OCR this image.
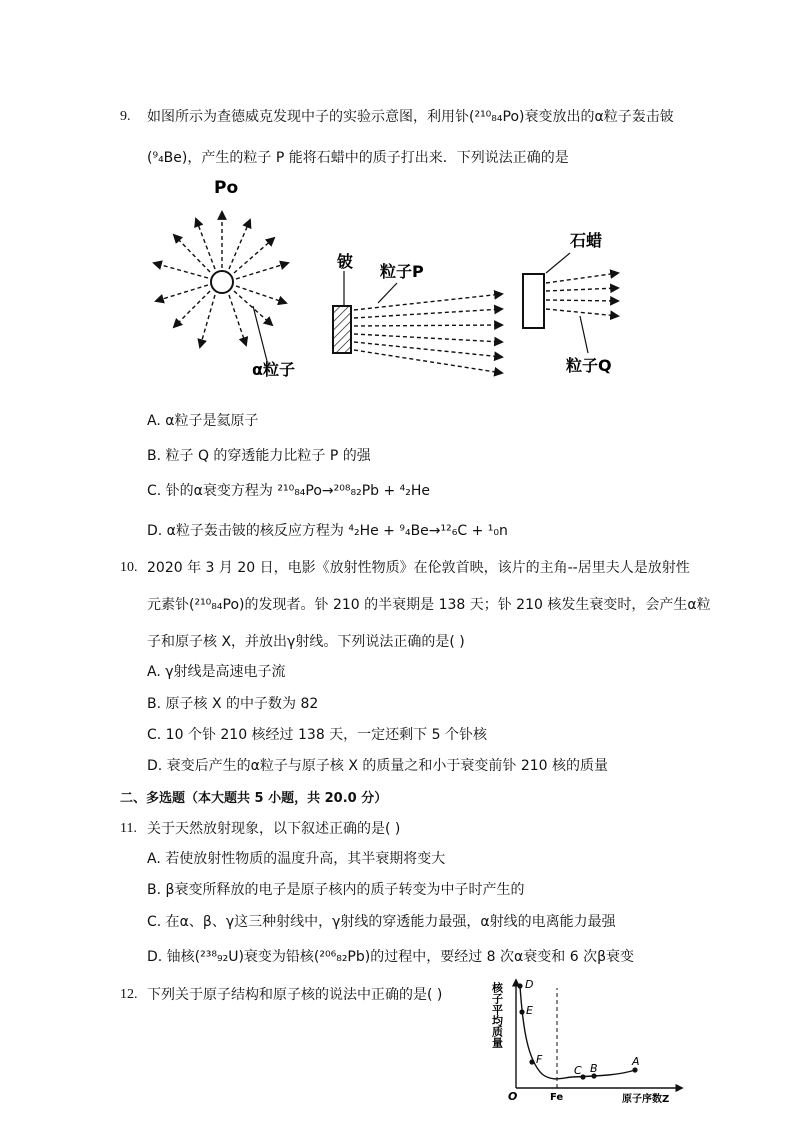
9. 如图所示为查德威克发现中子的实验示意图，利用钋(²¹⁰₈₄Po)衰变放出的α粒子轰击铍
(⁹₄Be)，产生的粒子 P 能将石蜡中的质子打出来．下列说法正确的是
Po
α粒子
铍
粒子P
石蜡
粒子Q
A. α粒子是氦原子
B. 粒子 Q 的穿透能力比粒子 P 的强
C. 钋的α衰变方程为 ²¹⁰₈₄Po→²⁰⁸₈₂Pb + ⁴₂He
D. α粒子轰击铍的核反应方程为 ⁴₂He + ⁹₄Be→¹²₆C + ¹₀n
10. 2020 年 3 月 20 日，电影《放射性物质》在伦敦首映，该片的主角--居里夫人是放射性
元素钋(²¹⁰₈₄Po)的发现者。钋 210 的半衰期是 138 天；钋 210 核发生衰变时，会产生α粒
子和原子核 X，并放出γ射线。下列说法正确的是( )
A. γ射线是高速电子流
B. 原子核 X 的中子数为 82
C. 10 个钋 210 核经过 138 天，一定还剩下 5 个钋核
D. 衰变后产生的α粒子与原子核 X 的质量之和小于衰变前钋 210 核的质量
二、多选题（本大题共 5 小题，共 20.0 分）
11. 关于天然放射现象，以下叙述正确的是( )
A. 若使放射性物质的温度升高，其半衰期将变大
B. β衰变所释放的电子是原子核内的质子转变为中子时产生的
C. 在α、β、γ这三种射线中，γ射线的穿透能力最强，α射线的电离能力最强
D. 铀核(²³⁸₉₂U)衰变为铅核(²⁰⁶₈₂Pb)的过程中，要经过 8 次α衰变和 6 次β衰变
12. 下列关于原子结构和原子核的说法中正确的是( )	核子平均质量 D
E
F
C B
A
O	Fe	原子序数Z
